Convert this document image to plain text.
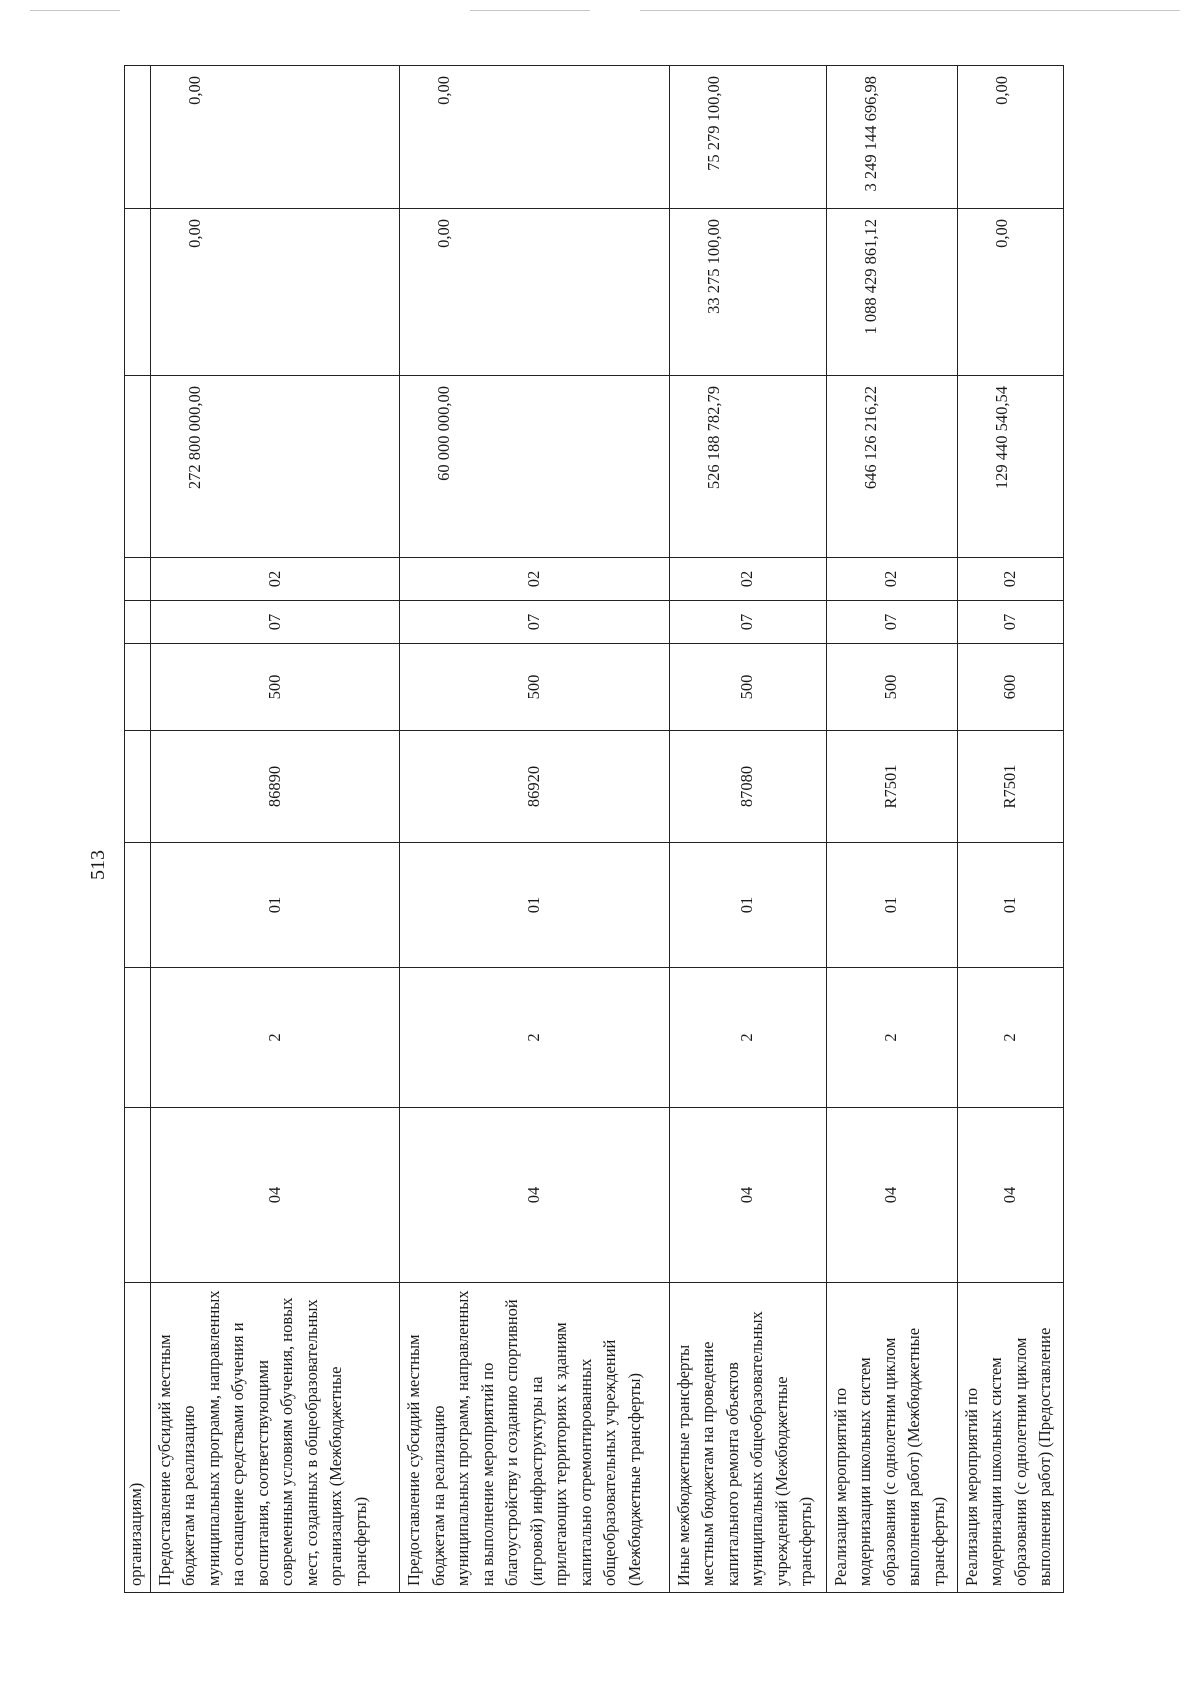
513
организациям)										
Предоставление субсидий местным бюджетам на реализацию муниципальных программ, направленных на оснащение средствами обучения и воспитания, соответствующими современным условиям обучения, новых мест, созданных в общеобразовательных организациях (Межбюджетные трансферты)	04	2	01	86890	500	07	02	272 800 000,00	0,00	0,00
Предоставление субсидий местным бюджетам на реализацию муниципальных программ, направленных на выполнение мероприятий по благоустройству и созданию спортивной (игровой) инфраструктуры на прилегающих территориях к зданиям капитально отремонтированных общеобразовательных учреждений (Межбюджетные трансферты)	04	2	01	86920	500	07	02	60 000 000,00	0,00	0,00
Иные межбюджетные трансферты местным бюджетам на проведение капитального ремонта объектов муниципальных общеобразовательных учреждений (Межбюджетные трансферты)	04	2	01	87080	500	07	02	526 188 782,79	33 275 100,00	75 279 100,00
Реализация мероприятий по модернизации школьных систем образования (с однолетним циклом выполнения работ) (Межбюджетные трансферты)	04	2	01	R7501	500	07	02	646 126 216,22	1 088 429 861,12	3 249 144 696,98
Реализация мероприятий по модернизации школьных систем образования (с однолетним циклом выполнения работ) (Предоставление	04	2	01	R7501	600	07	02	129 440 540,54	0,00	0,00
